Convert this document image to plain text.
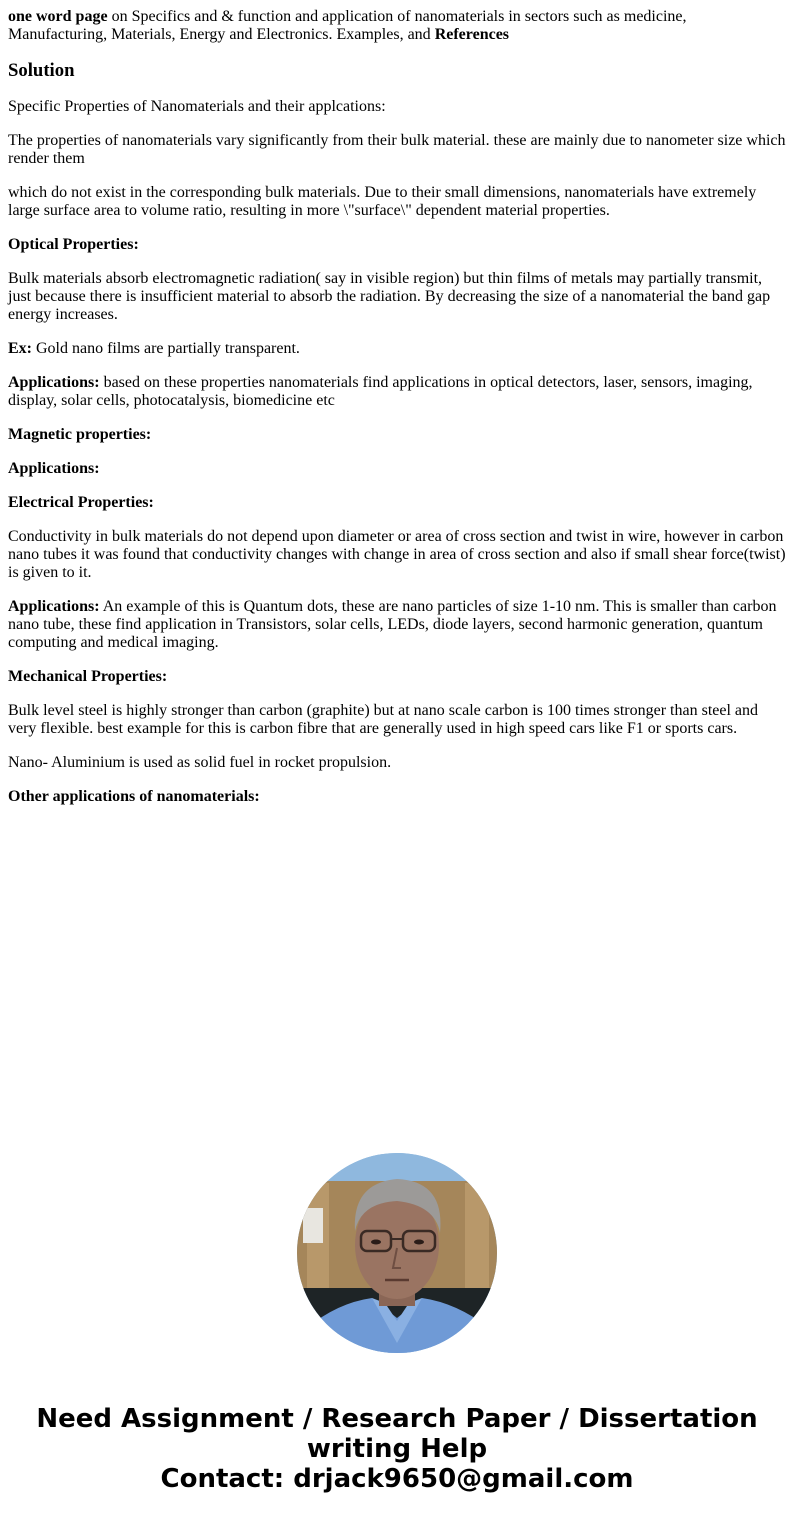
one word page on Specifics and & function and application of nanomaterials in sectors such as medicine, Manufacturing, Materials, Energy and Electronics. Examples, and References

Solution

Specific Properties of Nanomaterials and their applcations:

The properties of nanomaterials vary significantly from their bulk material. these are mainly due to nanometer size which render them

which do not exist in the corresponding bulk materials. Due to their small dimensions, nanomaterials have extremely large surface area to volume ratio, resulting in more \"surface\" dependent material properties.

Optical Properties:

Bulk materials absorb electromagnetic radiation( say in visible region) but thin films of metals may partially transmit, just because there is insufficient material to absorb the radiation. By decreasing the size of a nanomaterial the band gap energy increases.

Ex: Gold nano films are partially transparent.

Applications: based on these properties nanomaterials find applications in optical detectors, laser, sensors, imaging, display, solar cells, photocatalysis, biomedicine etc

Magnetic properties:

Applications:

Electrical Properties:

Conductivity in bulk materials do not depend upon diameter or area of cross section and twist in wire, however in carbon nano tubes it was found that conductivity changes with change in area of cross section and also if small shear force(twist) is given to it.

Applications: An example of this is Quantum dots, these are nano particles of size 1-10 nm. This is smaller than carbon nano tube, these find application in Transistors, solar cells, LEDs, diode layers, second harmonic generation, quantum computing and medical imaging.

Mechanical Properties:

Bulk level steel is highly stronger than carbon (graphite) but at nano scale carbon is 100 times stronger than steel and very flexible. best example for this is carbon fibre that are generally used in high speed cars like F1 or sports cars.

Nano- Aluminium is used as solid fuel in rocket propulsion.

Other applications of nanomaterials:

Need Assignment / Research Paper / Dissertation
writing Help
Contact: drjack9650@gmail.com
